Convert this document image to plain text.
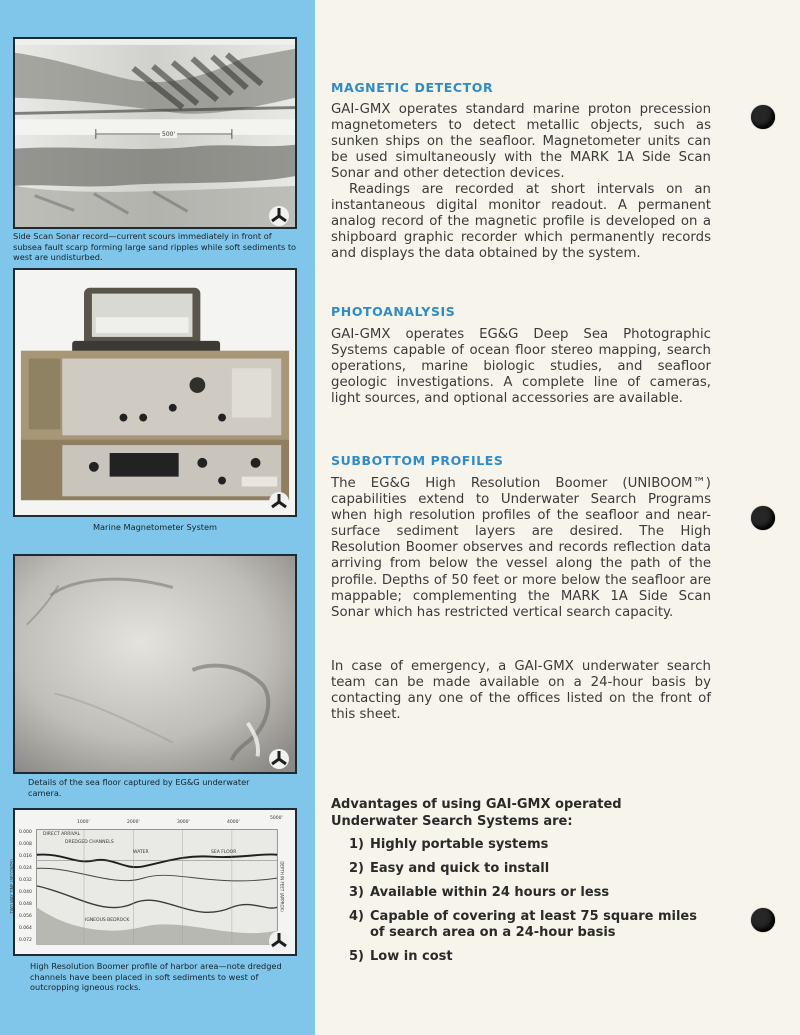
500'
Side Scan Sonar record—current scours immediately in front of subsea fault scarp forming large sand ripples while soft sediments to west are undisturbed.
Marine Magnetometer System
Details of the sea floor captured by EG&G underwater camera.
1000'	2000'	3000'	4000'
5000'
DIRECT ARRIVAL
DREDGED CHANNELS
WATER	SEA FLOOR
IGNEOUS BEDROCK
0.000
0.008
0.016
0.024
0.032
0.040
0.048
0.056
0.064
0.072
TWO WAY TIME (SECONDS)	DEPTH IN FEET (APPROX)
High Resolution Boomer profile of harbor area—note dredged channels have been placed in soft sediments to west of outcropping igneous rocks.
MAGNETIC DETECTOR

GAI-GMX operates standard marine proton precession magnetometers to detect metallic objects, such as sunken ships on the seafloor. Magnetometer units can be used simultaneously with the MARK 1A Side Scan Sonar and other detection devices.

Readings are recorded at short intervals on an instantaneous digital monitor readout. A permanent analog record of the magnetic profile is developed on a shipboard graphic recorder which permanently records and displays the data obtained by the system.

PHOTOANALYSIS

GAI-GMX operates EG&G Deep Sea Photographic Systems capable of ocean floor stereo mapping, search operations, marine biologic studies, and seafloor geologic investigations. A complete line of cameras, light sources, and optional accessories are available.

SUBBOTTOM PROFILES

The EG&G High Resolution Boomer (UNIBOOM™) capabilities extend to Underwater Search Programs when high resolution profiles of the seafloor and near-surface sediment layers are desired. The High Resolution Boomer observes and records reflection data arriving from below the vessel along the path of the profile. Depths of 50 feet or more below the seafloor are mappable; complementing the MARK 1A Side Scan Sonar which has restricted vertical search capacity.

In case of emergency, a GAI-GMX underwater search team can be made available on a 24-hour basis by contacting any one of the offices listed on the front of this sheet.

Advantages of using GAI-GMX operated Underwater Search Systems are:

1) Highly portable systems
2) Easy and quick to install
3) Available within 24 hours or less
4) Capable of covering at least 75 square miles of search area on a 24-hour basis
5) Low in cost
